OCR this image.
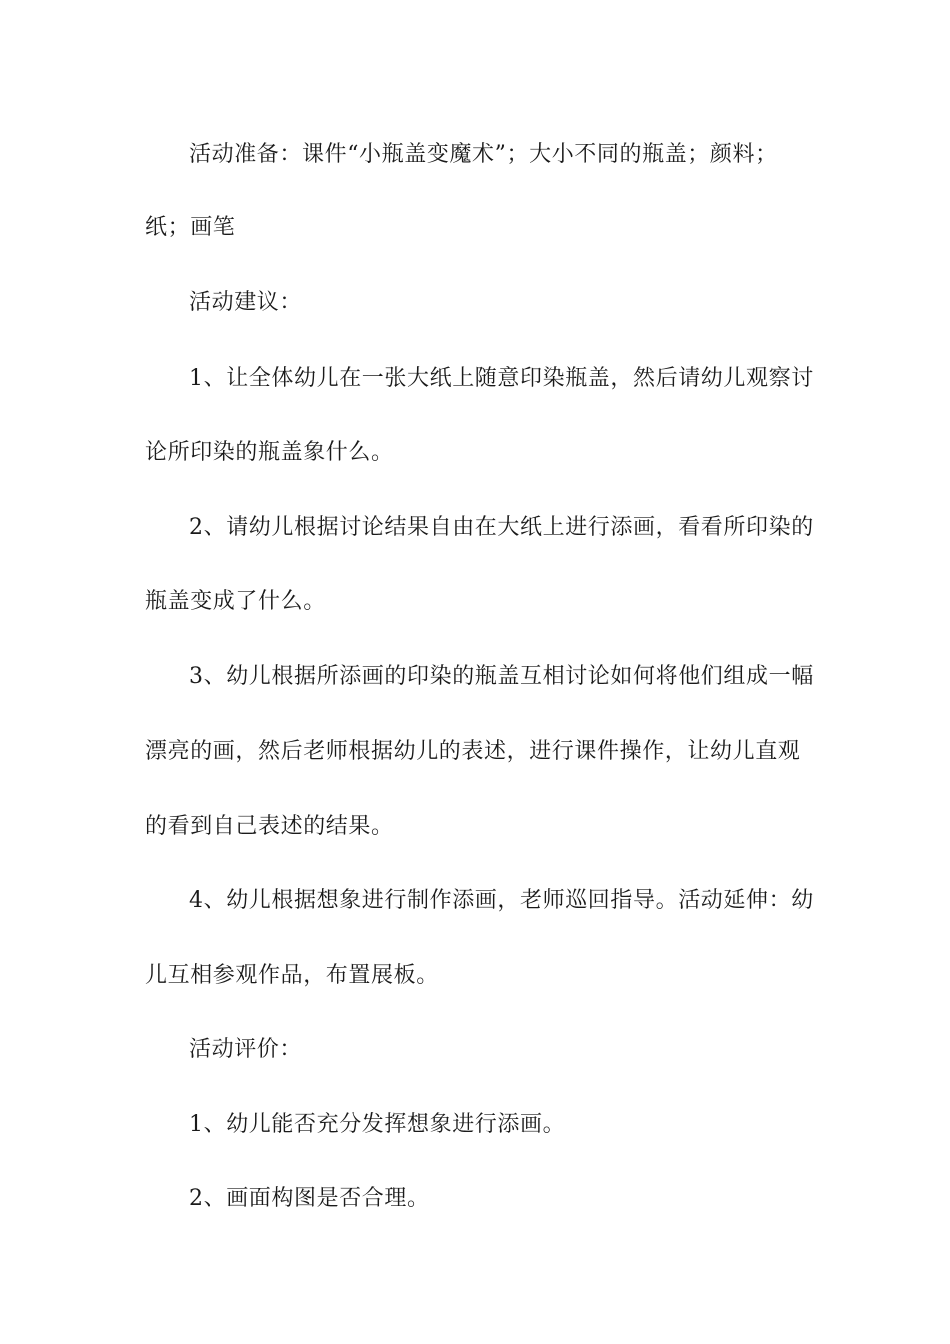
活动准备：课件“小瓶盖变魔术”；大小不同的瓶盖；颜料；
纸；画笔
活动建议：
1、让全体幼儿在一张大纸上随意印染瓶盖，然后请幼儿观察讨
论所印染的瓶盖象什么。
2、请幼儿根据讨论结果自由在大纸上进行添画，看看所印染的
瓶盖变成了什么。
3、幼儿根据所添画的印染的瓶盖互相讨论如何将他们组成一幅
漂亮的画，然后老师根据幼儿的表述，进行课件操作，让幼儿直观
的看到自己表述的结果。
4、幼儿根据想象进行制作添画，老师巡回指导。活动延伸：幼
儿互相参观作品，布置展板。
活动评价：
1、幼儿能否充分发挥想象进行添画。
2、画面构图是否合理。
